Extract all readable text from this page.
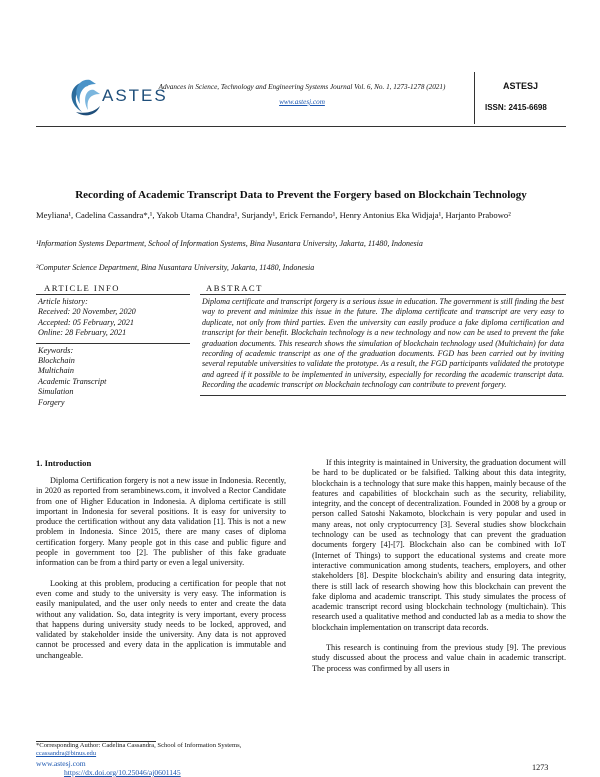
ASTES
Advances in Science, Technology and Engineering Systems Journal Vol. 6, No. 1, 1273-1278 (2021)
www.astesj.com
ASTESJ
ISSN: 2415-6698
Recording of Academic Transcript Data to Prevent the Forgery based on Blockchain Technology
Meyliana¹, Cadelina Cassandra*,¹, Yakob Utama Chandra¹, Surjandy¹, Erick Fernando¹, Henry Antonius Eka Widjaja¹, Harjanto Prabowo²
¹Information Systems Department, School of Information Systems, Bina Nusantara University, Jakarta, 11480, Indonesia
²Computer Science Department, Bina Nusantara University, Jakarta, 11480, Indonesia
ARTICLE INFO
Article history:
Received: 20 November, 2020
Accepted: 05 February, 2021
Online: 28 February, 2021
Keywords:
Blockchain
Multichain
Academic Transcript
Simulation
Forgery
ABSTRACT
Diploma certificate and transcript forgery is a serious issue in education. The government is still finding the best way to prevent and minimize this issue in the future. The diploma certificate and transcript are very easy to duplicate, not only from third parties. Even the university can easily produce a fake diploma certification and transcript for their benefit. Blockchain technology is a new technology and now can be used to prevent the fake graduation documents. This research shows the simulation of blockchain technology used (Multichain) for data recording of academic transcript as one of the graduation documents. FGD has been carried out by inviting several reputable universities to validate the prototype. As a result, the FGD participants validated the prototype and agreed if it possible to be implemented in university, especially for recording the academic transcript data. Recording the academic transcript on blockchain technology can contribute to prevent forgery.
1. Introduction

Diploma Certification forgery is not a new issue in Indonesia. Recently, in 2020 as reported from serambinews.com, it involved a Rector Candidate from one of Higher Education in Indonesia. A diploma certificate is still important in Indonesia for several positions. It is easy for university to produce the certification without any data validation [1]. This is not a new problem in Indonesia. Since 2015, there are many cases of diploma certification forgery. Many people got in this case and public figure and people in government too [2]. The publisher of this fake graduate information can be from a third party or even a legal university.

Looking at this problem, producing a certification for people that not even come and study to the university is very easy. The information is easily manipulated, and the user only needs to enter and create the data without any validation. So, data integrity is very important, every process that happens during university study needs to be locked, approved, and validated by stakeholder inside the university. Any data is not approved cannot be processed and every data in the application is immutable and unchangeable.

If this integrity is maintained in University, the graduation document will be hard to be duplicated or be falsified. Talking about this data integrity, blockchain is a technology that sure make this happen, mainly because of the features and capabilities of blockchain such as the security, reliability, integrity, and the concept of decentralization. Founded in 2008 by a group or person called Satoshi Nakamoto, blockchain is very popular and used in many areas, not only cryptocurrency [3]. Several studies show blockchain technology can be used as technology that can prevent the graduation documents forgery [4]-[7]. Blockchain also can be combined with IoT (Internet of Things) to support the educational systems and create more interactive communication among students, teachers, employers, and other stakeholders [8]. Despite blockchain's ability and ensuring data integrity, there is still lack of research showing how this blockchain can prevent the fake diploma and academic transcript. This study simulates the process of academic transcript record using blockchain technology (multichain). This research used a qualitative method and conducted lab as a media to show the blockchain implementation on transcript data records.

This research is continuing from the previous study [9]. The previous study discussed about the process and value chain in academic transcript. The process was confirmed by all users in

*Corresponding Author: Cadelina Cassandra, School of Information Systems,
ccassandra@binus.edu
www.astesj.com
https://dx.doi.org/10.25046/aj0601145
1273
